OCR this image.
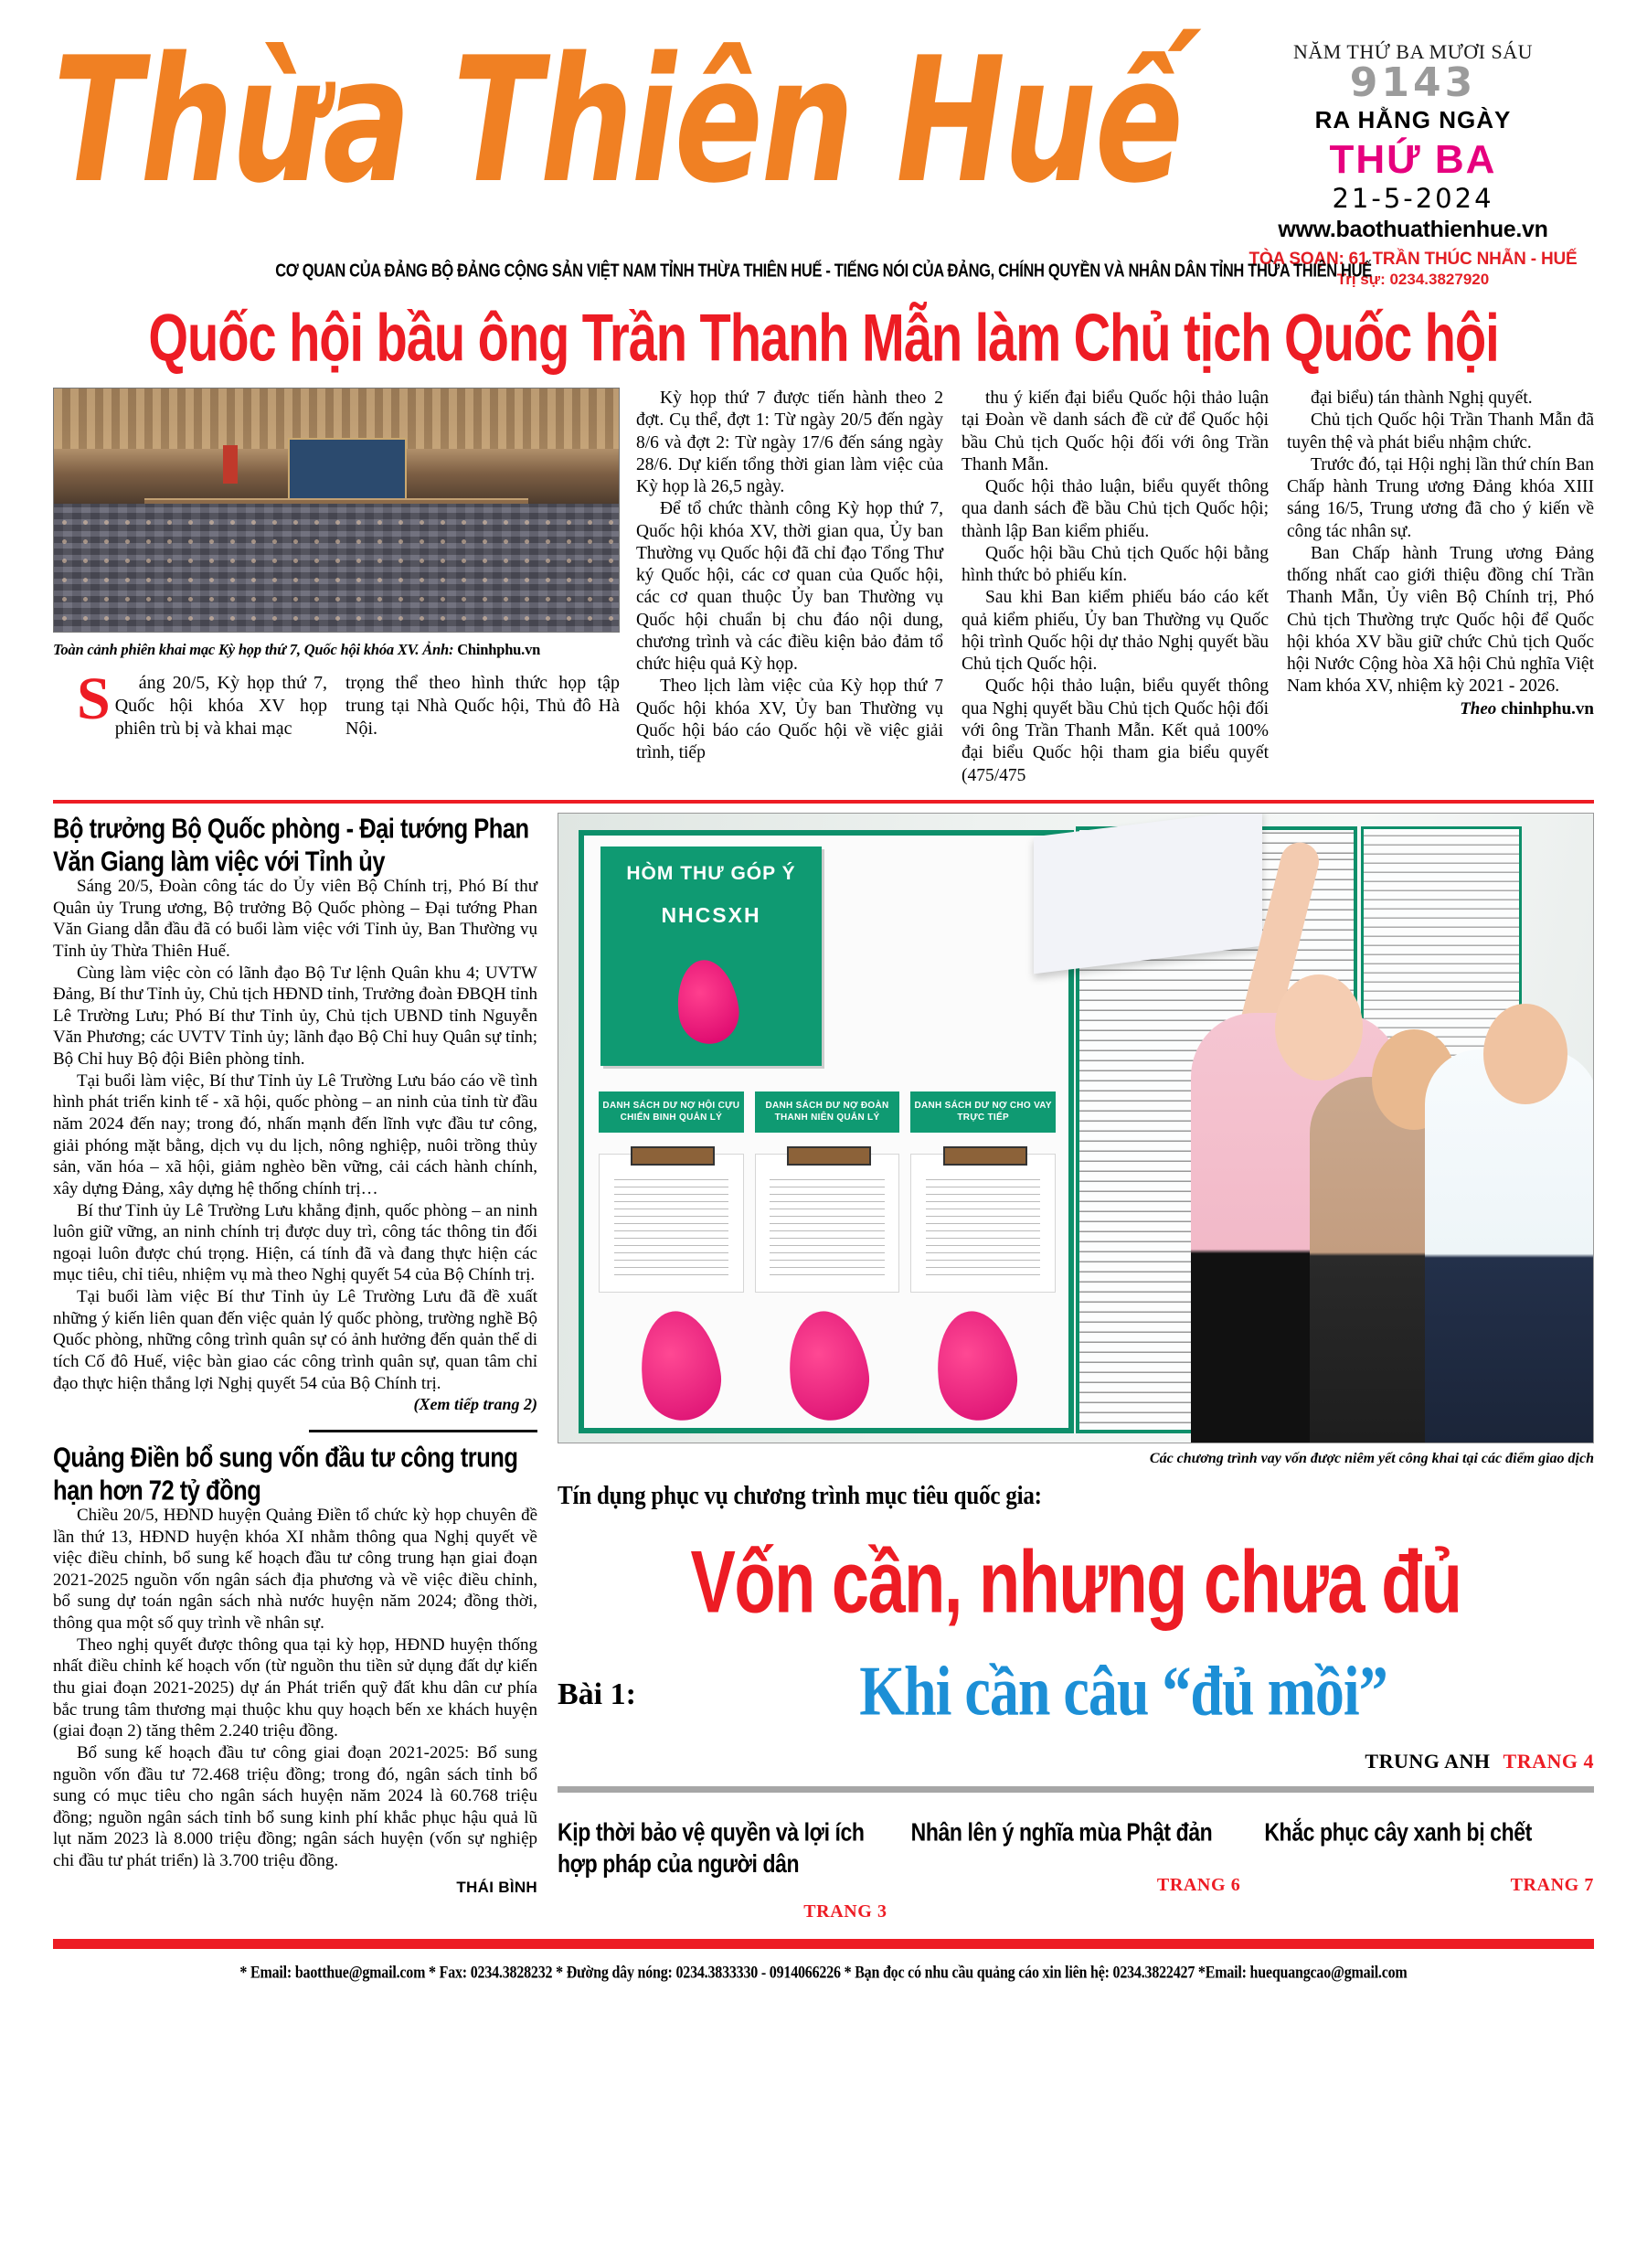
Thừa Thiên Huế	NĂM THỨ BA MƯƠI SÁU
9143
RA HẰNG NGÀY
THỨ BA
21-5-2024
www.baothuathienhue.vn
TÒA SOẠN: 61 TRẦN THÚC NHẪN - HUẾ
Trị sự: 0234.3827920
CƠ QUAN CỦA ĐẢNG BỘ ĐẢNG CỘNG SẢN VIỆT NAM TỈNH THỪA THIÊN HUẾ - TIẾNG NÓI CỦA ĐẢNG, CHÍNH QUYỀN VÀ NHÂN DÂN TỈNH THỪA THIÊN HUẾ
Quốc hội bầu ông Trần Thanh Mẫn làm Chủ tịch Quốc hội
Toàn cảnh phiên khai mạc Kỳ họp thứ 7, Quốc hội khóa XV. Ảnh: Chinhphu.vn

S áng 20/5, Kỳ họp thứ 7, Quốc hội khóa XV họp phiên trù bị và khai mạc

trọng thể theo hình thức họp tập trung tại Nhà Quốc hội, Thủ đô Hà Nội.

Kỳ họp thứ 7 được tiến hành theo 2 đợt. Cụ thể, đợt 1: Từ ngày 20/5 đến ngày 8/6 và đợt 2: Từ ngày 17/6 đến sáng ngày 28/6. Dự kiến tổng thời gian làm việc của Kỳ họp là 26,5 ngày.

Để tổ chức thành công Kỳ họp thứ 7, Quốc hội khóa XV, thời gian qua, Ủy ban Thường vụ Quốc hội đã chỉ đạo Tổng Thư ký Quốc hội, các cơ quan của Quốc hội, các cơ quan thuộc Ủy ban Thường vụ Quốc hội chuẩn bị chu đáo nội dung, chương trình và các điều kiện bảo đảm tổ chức hiệu quả Kỳ họp.

Theo lịch làm việc của Kỳ họp thứ 7 Quốc hội khóa XV, Ủy ban Thường vụ Quốc hội báo cáo Quốc hội về việc giải trình, tiếp

thu ý kiến đại biểu Quốc hội thảo luận tại Đoàn về danh sách đề cử để Quốc hội bầu Chủ tịch Quốc hội đối với ông Trần Thanh Mẫn.

Quốc hội thảo luận, biểu quyết thông qua danh sách đề bầu Chủ tịch Quốc hội; thành lập Ban kiểm phiếu.

Quốc hội bầu Chủ tịch Quốc hội bằng hình thức bỏ phiếu kín.

Sau khi Ban kiểm phiếu báo cáo kết quả kiểm phiếu, Ủy ban Thường vụ Quốc hội trình Quốc hội dự thảo Nghị quyết bầu Chủ tịch Quốc hội.

Quốc hội thảo luận, biểu quyết thông qua Nghị quyết bầu Chủ tịch Quốc hội đối với ông Trần Thanh Mẫn. Kết quả 100% đại biểu Quốc hội tham gia biểu quyết (475/475

đại biểu) tán thành Nghị quyết.

Chủ tịch Quốc hội Trần Thanh Mẫn đã tuyên thệ và phát biểu nhậm chức.

Trước đó, tại Hội nghị lần thứ chín Ban Chấp hành Trung ương Đảng khóa XIII sáng 16/5, Trung ương đã cho ý kiến về công tác nhân sự.

Ban Chấp hành Trung ương Đảng thống nhất cao giới thiệu đồng chí Trần Thanh Mẫn, Ủy viên Bộ Chính trị, Phó Chủ tịch Thường trực Quốc hội để Quốc hội khóa XV bầu giữ chức Chủ tịch Quốc hội Nước Cộng hòa Xã hội Chủ nghĩa Việt Nam khóa XV, nhiệm kỳ 2021 - 2026.

Theo chinhphu.vn

Bộ trưởng Bộ Quốc phòng - Đại tướng Phan Văn Giang làm việc với Tỉnh ủy

Sáng 20/5, Đoàn công tác do Ủy viên Bộ Chính trị, Phó Bí thư Quân ủy Trung ương, Bộ trưởng Bộ Quốc phòng – Đại tướng Phan Văn Giang dẫn đầu đã có buổi làm việc với Tỉnh ủy, Ban Thường vụ Tỉnh ủy Thừa Thiên Huế.

Cùng làm việc còn có lãnh đạo Bộ Tư lệnh Quân khu 4; UVTW Đảng, Bí thư Tỉnh ủy, Chủ tịch HĐND tỉnh, Trưởng đoàn ĐBQH tỉnh Lê Trường Lưu; Phó Bí thư Tỉnh ủy, Chủ tịch UBND tỉnh Nguyễn Văn Phương; các UVTV Tỉnh ủy; lãnh đạo Bộ Chỉ huy Quân sự tỉnh; Bộ Chỉ huy Bộ đội Biên phòng tỉnh.

Tại buổi làm việc, Bí thư Tỉnh ủy Lê Trường Lưu báo cáo về tình hình phát triển kinh tế - xã hội, quốc phòng – an ninh của tỉnh từ đầu năm 2024 đến nay; trong đó, nhấn mạnh đến lĩnh vực đầu tư công, giải phóng mặt bằng, dịch vụ du lịch, nông nghiệp, nuôi trồng thủy sản, văn hóa – xã hội, giảm nghèo bền vững, cải cách hành chính, xây dựng Đảng, xây dựng hệ thống chính trị…

Bí thư Tỉnh ủy Lê Trường Lưu khẳng định, quốc phòng – an ninh luôn giữ vững, an ninh chính trị được duy trì, công tác thông tin đối ngoại luôn được chú trọng. Hiện, cá tính đã và đang thực hiện các mục tiêu, chỉ tiêu, nhiệm vụ mà theo Nghị quyết 54 của Bộ Chính trị.

Tại buổi làm việc Bí thư Tỉnh ủy Lê Trường Lưu đã đề xuất những ý kiến liên quan đến việc quản lý quốc phòng, trường nghề Bộ Quốc phòng, những công trình quân sự có ảnh hưởng đến quản thể di tích Cố đô Huế, việc bàn giao các công trình quân sự, quan tâm chỉ đạo thực hiện thắng lợi Nghị quyết 54 của Bộ Chính trị.

(Xem tiếp trang 2)

Quảng Điền bổ sung vốn đầu tư công trung hạn hơn 72 tỷ đồng

Chiều 20/5, HĐND huyện Quảng Điền tổ chức kỳ họp chuyên đề lần thứ 13, HĐND huyện khóa XI nhằm thông qua Nghị quyết về việc điều chỉnh, bổ sung kế hoạch đầu tư công trung hạn giai đoạn 2021-2025 nguồn vốn ngân sách địa phương và về việc điều chỉnh, bổ sung dự toán ngân sách nhà nước huyện năm 2024; đồng thời, thông qua một số quy trình về nhân sự.

Theo nghị quyết được thông qua tại kỳ họp, HĐND huyện thống nhất điều chỉnh kế hoạch vốn (từ nguồn thu tiền sử dụng đất dự kiến thu giai đoạn 2021-2025) dự án Phát triển quỹ đất khu dân cư phía bắc trung tâm thương mại thuộc khu quy hoạch bến xe khách huyện (giai đoạn 2) tăng thêm 2.240 triệu đồng.

Bổ sung kế hoạch đầu tư công giai đoạn 2021-2025: Bổ sung nguồn vốn đầu tư 72.468 triệu đồng; trong đó, ngân sách tỉnh bổ sung có mục tiêu cho ngân sách huyện năm 2024 là 60.768 triệu đồng; nguồn ngân sách tỉnh bổ sung kinh phí khắc phục hậu quả lũ lụt năm 2023 là 8.000 triệu đồng; ngân sách huyện (vốn sự nghiệp chi đầu tư phát triển) là 3.700 triệu đồng.

THÁI BÌNH
HÒM THƯ GÓP Ý
NHCSXH
DANH SÁCH DƯ NỢ HỘI CỰU CHIẾN BINH QUẢN LÝ
DANH SÁCH DƯ NỢ ĐOÀN THANH NIÊN QUẢN LÝ
DANH SÁCH DƯ NỢ CHO VAY TRỰC TIẾP
Các chương trình vay vốn được niêm yết công khai tại các điểm giao dịch
Tín dụng phục vụ chương trình mục tiêu quốc gia:
Vốn cần, nhưng chưa đủ
Bài 1:	Khi cần câu “đủ mồi”
TRUNG ANH TRANG 4
Kịp thời bảo vệ quyền và lợi ích hợp pháp của người dân
TRANG 3
Nhân lên ý nghĩa mùa Phật đản
TRANG 6
Khắc phục cây xanh bị chết
TRANG 7
* Email: baotthue@gmail.com * Fax: 0234.3828232 * Đường dây nóng: 0234.3833330 - 0914066226 * Bạn đọc có nhu cầu quảng cáo xin liên hệ: 0234.3822427 *Email: huequangcao@gmail.com
